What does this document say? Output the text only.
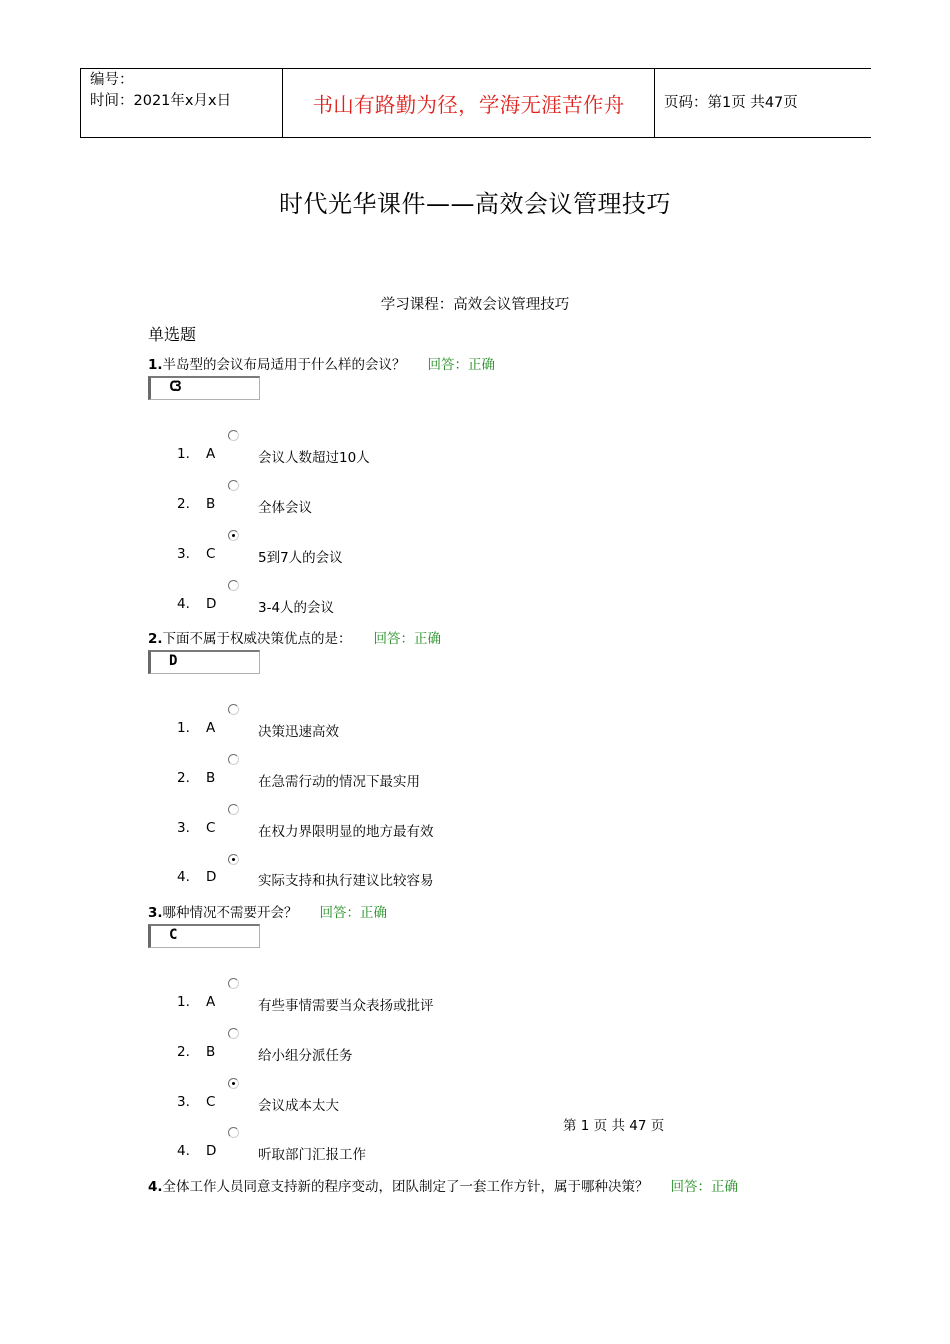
编号：
时间：2021年x月x日	书山有路勤为径，学海无涯苦作舟	页码：第1页 共47页
时代光华课件——高效会议管理技巧
学习课程：高效会议管理技巧
单选题
1.半岛型的会议布局适用于什么样的会议？ 回答：正确
C3
1. A	会议人数超过10人
2. B	全体会议
3. C	5到7人的会议
4. D	3-4人的会议
2.下面不属于权威决策优点的是： 回答：正确
D
1. A	决策迅速高效
2. B	在急需行动的情况下最实用
3. C	在权力界限明显的地方最有效
4. D	实际支持和执行建议比较容易
3.哪种情况不需要开会？ 回答：正确
C
1. A	有些事情需要当众表扬或批评
2. B	给小组分派任务
3. C	会议成本太大
第 1 页 共 47 页
4. D	听取部门汇报工作
4.全体工作人员同意支持新的程序变动，团队制定了一套工作方针，属于哪种决策？ 回答：正确
